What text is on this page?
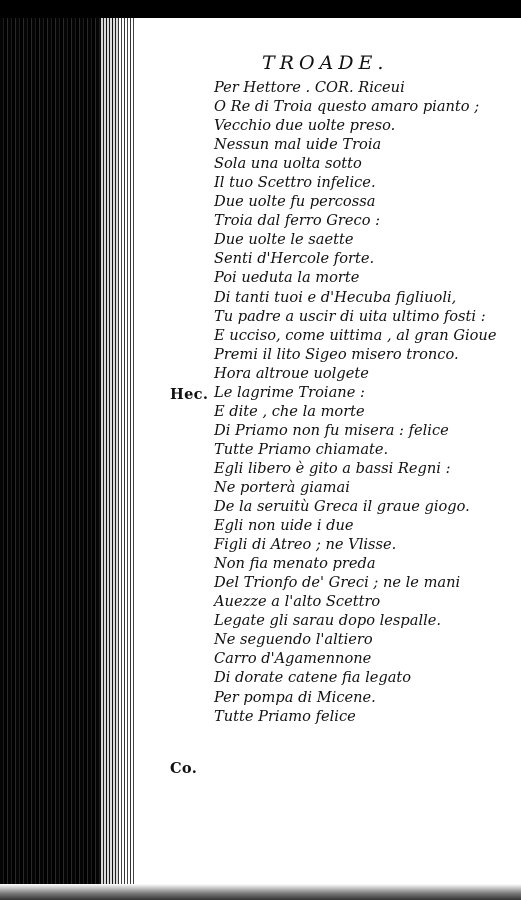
TROADE.
Hec.
Co.
Per Hettore . COR. Riceui
O Re di Troia questo amaro pianto ;
Vecchio due uolte preso.
Nessun mal uide Troia
Sola una uolta sotto
Il tuo Scettro infelice.
Due uolte fu percossa
Troia dal ferro Greco :
Due uolte le saette
Senti d'Hercole forte.
Poi ueduta la morte
Di tanti tuoi e d'Hecuba figliuoli,
Tu padre a uscir di uita ultimo fosti :
E ucciso, come uittima , al gran Gioue
Premi il lito Sigeo misero tronco.
Hora altroue uolgete
Le lagrime Troiane :
E dite , che la morte
Di Priamo non fu misera : felice
Tutte Priamo chiamate.
Egli libero è gito a bassi Regni :
Ne porterà giamai
De la seruitù Greca il graue giogo.
Egli non uide i due
Figli di Atreo ; ne Vlisse.
Non fia menato preda
Del Trionfo de' Greci ; ne le mani
Auezze a l'alto Scettro
Legate gli sarau dopo lespalle.
Ne seguendo l'altiero
Carro d'Agamennone
Di dorate catene fia legato
Per pompa di Micene.
Tutte Priamo felice
